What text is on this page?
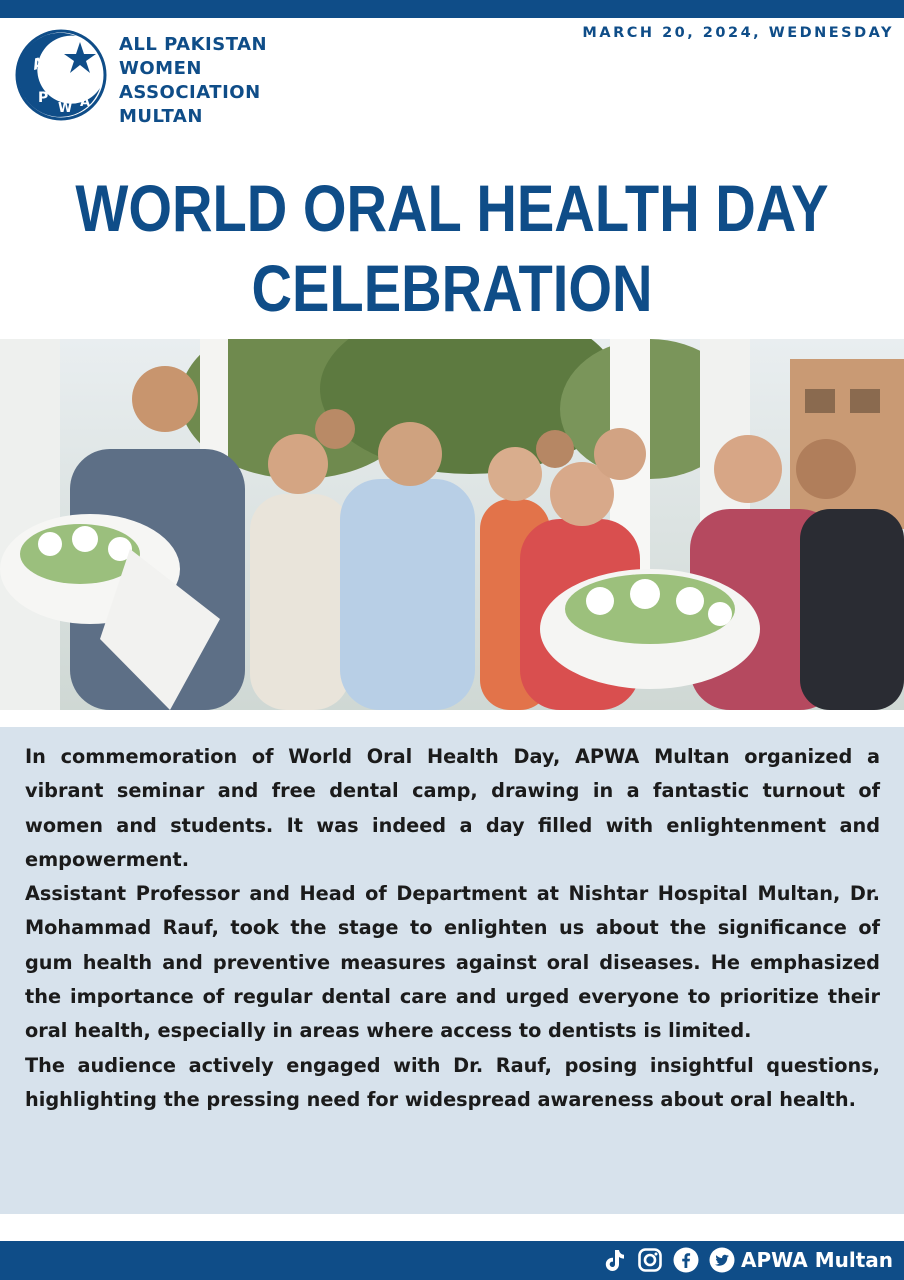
A
P
W A
ALL PAKISTAN
WOMEN
ASSOCIATION
MULTAN
MARCH 20, 2024, WEDNESDAY
WORLD ORAL HEALTH DAY
CELEBRATION

In commemoration of World Oral Health Day, APWA Multan organized a vibrant seminar and free dental camp, drawing in a fantastic turnout of women and students. It was indeed a day filled with enlightenment and empowerment.

Assistant Professor and Head of Department at Nishtar Hospital Multan, Dr. Mohammad Rauf, took the stage to enlighten us about the significance of gum health and preventive measures against oral diseases. He emphasized the importance of regular dental care and urged everyone to prioritize their oral health, especially in areas where access to dentists is limited.

The audience actively engaged with Dr. Rauf, posing insightful questions, highlighting the pressing need for widespread awareness about oral health.

APWA Multan
